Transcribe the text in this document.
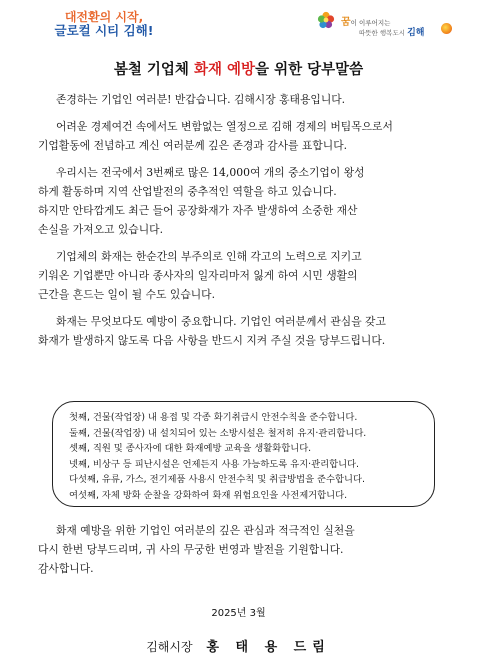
대전환의 시작,
글로컬 시티 김해!
꿈이 이루어지는
따뜻한 행복도시 김해
봄철 기업체 화재 예방을 위한 당부말씀
존경하는 기업인 여러분! 반갑습니다. 김해시장 홍태용입니다.
어려운 경제여건 속에서도 변함없는 열정으로 김해 경제의 버팀목으로서
기업활동에 전념하고 계신 여러분께 깊은 존경과 감사를 표합니다.
우리시는 전국에서 3번째로 많은 14,000여 개의 중소기업이 왕성
하게 활동하며 지역 산업발전의 중추적인 역할을 하고 있습니다.
하지만 안타깝게도 최근 들어 공장화재가 자주 발생하여 소중한 재산
손실을 가져오고 있습니다.
기업체의 화재는 한순간의 부주의로 인해 각고의 노력으로 지키고
키워온 기업뿐만 아니라 종사자의 일자리마저 잃게 하여 시민 생활의
근간을 흔드는 일이 될 수도 있습니다.
화재는 무엇보다도 예방이 중요합니다. 기업인 여러분께서 관심을 갖고
화재가 발생하지 않도록 다음 사항을 반드시 지켜 주실 것을 당부드립니다.
첫째, 건물(작업장) 내 용접 및 각종 화기취급시 안전수칙을 준수합니다.
둘째, 건물(작업장) 내 설치되어 있는 소방시설은 철저히 유지·관리합니다.
셋째, 직원 및 종사자에 대한 화재예방 교육을 생활화합니다.
넷째, 비상구 등 피난시설은 언제든지 사용 가능하도록 유지·관리합니다.
다섯째, 유류, 가스, 전기제품 사용시 안전수칙 및 취급방법을 준수합니다.
여섯째, 자체 방화 순찰을 강화하여 화재 위험요인을 사전제거합니다.
화재 예방을 위한 기업인 여러분의 깊은 관심과 적극적인 실천을
다시 한번 당부드리며, 귀 사의 무궁한 번영과 발전을 기원합니다.
감사합니다.
2025년 3월
김해시장 홍 태 용 드림
